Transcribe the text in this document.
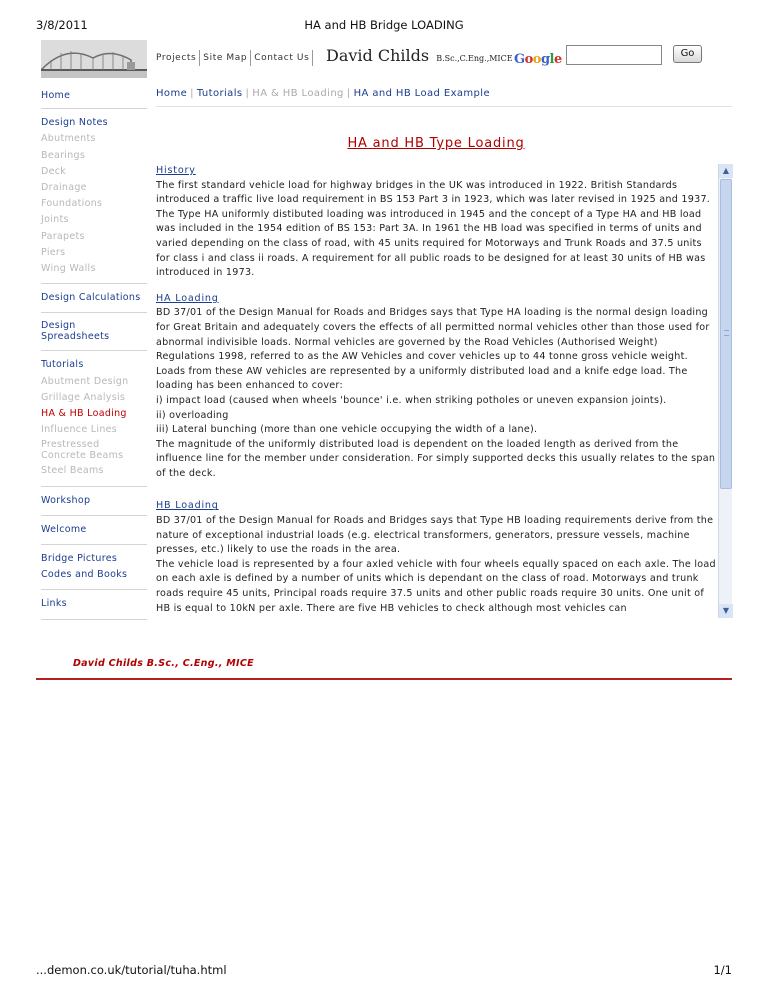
3/8/2011	HA and HB Bridge LOADING
Projects Site Map Contact Us	David Childs B.Sc.,C.Eng.,MICE Google	Go
Home
Design Notes
Abutments
Bearings
Deck
Drainage
Foundations
Joints
Parapets
Piers
Wing Walls
Design Calculations
Design Spreadsheets
Tutorials
Abutment Design
Grillage Analysis
HA & HB Loading
Influence Lines
Prestressed Concrete Beams
Steel Beams
Workshop
Welcome
Bridge Pictures
Codes and Books
Links
Home | Tutorials | HA & HB Loading | HA and HB Load Example
HA and HB Type Loading
History

The first standard vehicle load for highway bridges in the UK was introduced in 1922. British Standards introduced a traffic live load requirement in BS 153 Part 3 in 1923, which was later revised in 1925 and 1937. The Type HA uniformly distibuted loading was introduced in 1945 and the concept of a Type HA and HB load was included in the 1954 edition of BS 153: Part 3A. In 1961 the HB load was specified in terms of units and varied depending on the class of road, with 45 units required for Motorways and Trunk Roads and 37.5 units for class i and class ii roads. A requirement for all public roads to be designed for at least 30 units of HB was introduced in 1973.

HA Loading

BD 37/01 of the Design Manual for Roads and Bridges says that Type HA loading is the normal design loading for Great Britain and adequately covers the effects of all permitted normal vehicles other than those used for abnormal indivisible loads. Normal vehicles are governed by the Road Vehicles (Authorised Weight) Regulations 1998, referred to as the AW Vehicles and cover vehicles up to 44 tonne gross vehicle weight. Loads from these AW vehicles are represented by a uniformly distributed load and a knife edge load. The loading has been enhanced to cover:

i) impact load (caused when wheels 'bounce' i.e. when striking potholes or uneven expansion joints).

ii) overloading

iii) Lateral bunching (more than one vehicle occupying the width of a lane).

The magnitude of the uniformly distributed load is dependent on the loaded length as derived from the influence line for the member under consideration. For simply supported decks this usually relates to the span of the deck.

HB Loading

BD 37/01 of the Design Manual for Roads and Bridges says that Type HB loading requirements derive from the nature of exceptional industrial loads (e.g. electrical transformers, generators, pressure vessels, machine presses, etc.) likely to use the roads in the area.

The vehicle load is represented by a four axled vehicle with four wheels equally spaced on each axle. The load on each axle is defined by a number of units which is dependant on the class of road. Motorways and trunk roads require 45 units, Principal roads require 37.5 units and other public roads require 30 units. One unit of HB is equal to 10kN per axle. There are five HB vehicles to check although most vehicles can

▲
▼
David Childs B.Sc., C.Eng., MICE
...demon.co.uk/tutorial/tuha.html	1/1
